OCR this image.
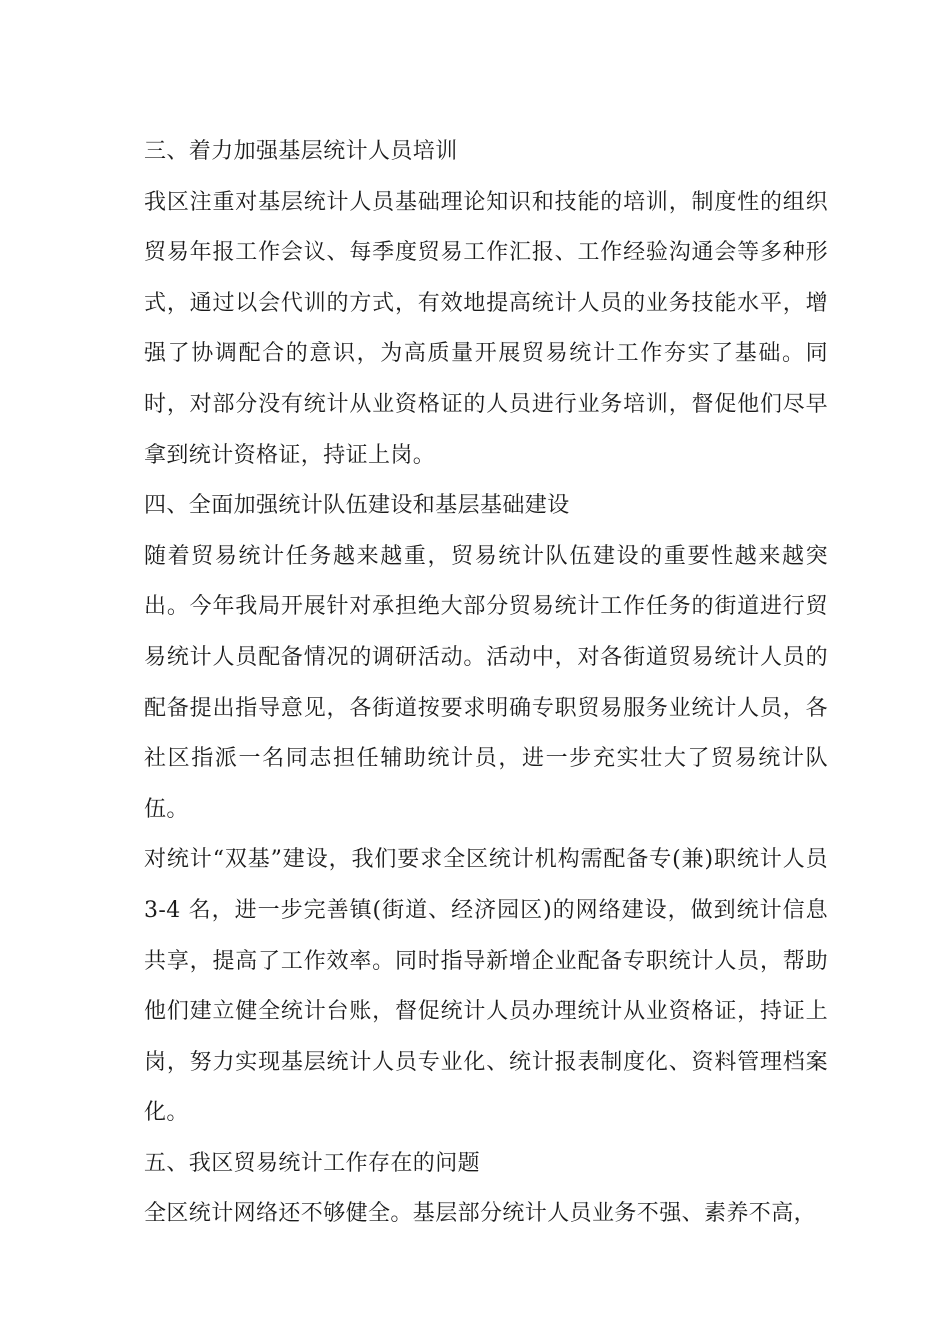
三、着力加强基层统计人员培训

我区注重对基层统计人员基础理论知识和技能的培训，制度性的组织贸易年报工作会议、每季度贸易工作汇报、工作经验沟通会等多种形式，通过以会代训的方式，有效地提高统计人员的业务技能水平，增强了协调配合的意识，为高质量开展贸易统计工作夯实了基础。同时，对部分没有统计从业资格证的人员进行业务培训，督促他们尽早拿到统计资格证，持证上岗。

四、全面加强统计队伍建设和基层基础建设

随着贸易统计任务越来越重，贸易统计队伍建设的重要性越来越突出。今年我局开展针对承担绝大部分贸易统计工作任务的街道进行贸易统计人员配备情况的调研活动。活动中，对各街道贸易统计人员的配备提出指导意见，各街道按要求明确专职贸易服务业统计人员，各社区指派一名同志担任辅助统计员，进一步充实壮大了贸易统计队伍。

对统计“双基”建设，我们要求全区统计机构需配备专(兼)职统计人员 3-4 名，进一步完善镇(街道、经济园区)的网络建设，做到统计信息共享，提高了工作效率。同时指导新增企业配备专职统计人员，帮助他们建立健全统计台账，督促统计人员办理统计从业资格证，持证上岗，努力实现基层统计人员专业化、统计报表制度化、资料管理档案化。

五、我区贸易统计工作存在的问题

全区统计网络还不够健全。基层部分统计人员业务不强、素养不高，
